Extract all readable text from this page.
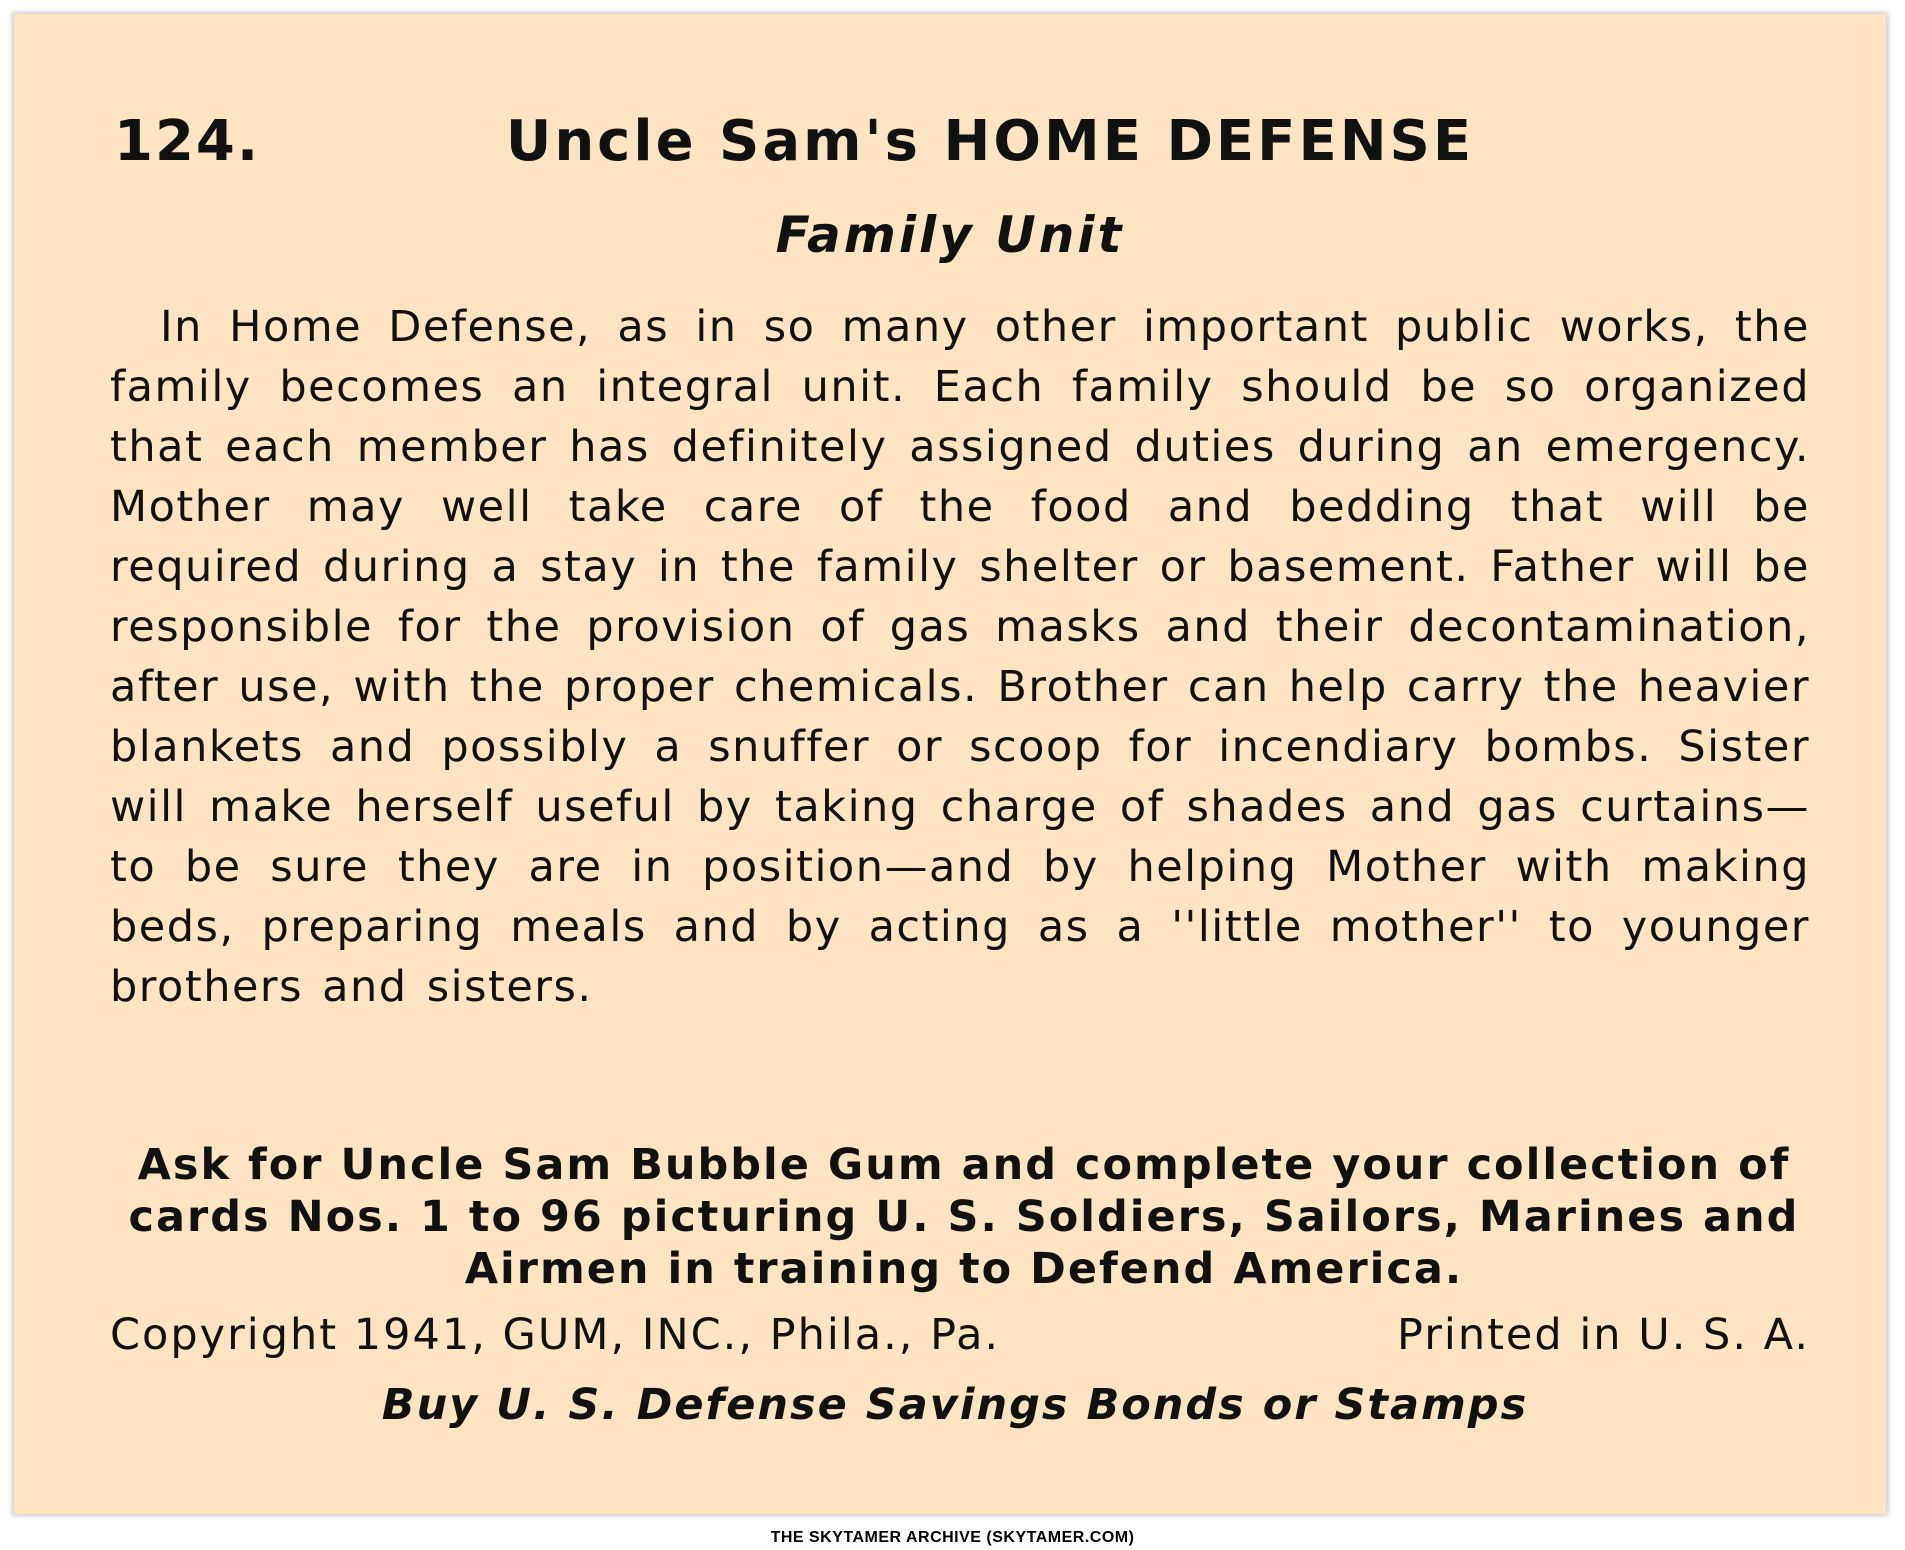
124.	Uncle Sam's HOME DEFENSE
Family Unit

In Home Defense, as in so many other important public works, the family becomes an integral unit. Each family should be so organized that each member has definitely assigned duties during an emergency. Mother may well take care of the food and bedding that will be required during a stay in the family shelter or basement. Father will be responsible for the provision of gas masks and their decontamination, after use, with the proper chemicals. Brother can help carry the heavier blankets and possibly a snuffer or scoop for incendiary bombs. Sister will make herself useful by taking charge of shades and gas curtains—to be sure they are in position—and by helping Mother with making beds, preparing meals and by acting as a ''little mother'' to younger brothers and sisters.

Ask for Uncle Sam Bubble Gum and complete your collection of cards Nos. 1 to 96 picturing U. S. Soldiers, Sailors, Marines and Airmen in training to Defend America.

Copyright 1941, GUM, INC., Phila., Pa.	Printed in U. S. A.
Buy U. S. Defense Savings Bonds or Stamps
THE SKYTAMER ARCHIVE (SKYTAMER.COM)
